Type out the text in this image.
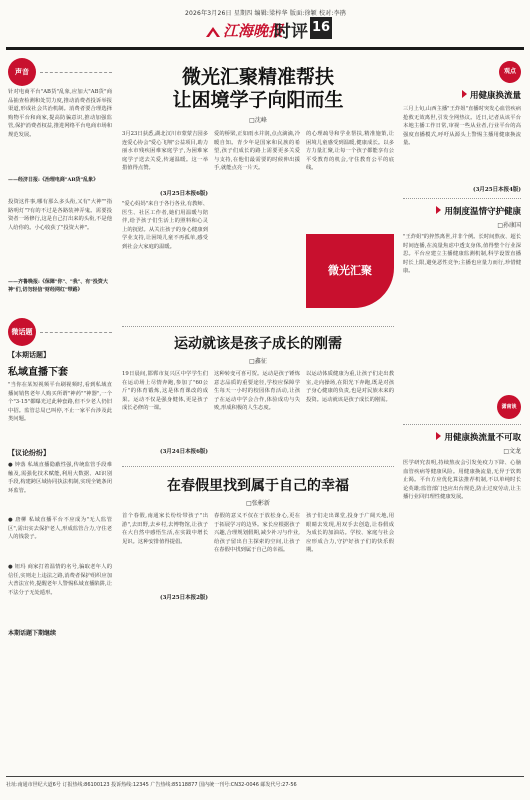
2026年3月26日 星期四 编辑:梁梓华 版面:徐颖 校对:李鹃
江海晚报
时评 16
声音
针对电商平台"AB货"乱象,应加大"AB货"商品抽查检测和处罚力度,推动消费者投诉举报渠道,形成社会共治机制。消费者要合理选择购物平台和商家,提高防骗意识,推动加强监管,保护消费者权益,推进网络平台电商市场和规范发展。
——经济日报:《治理电商"AB货"乱象》
投资这件事,哪有那么多头衔,又有"大神""指路明灯"?有的不过是各路装神弄鬼。需要投资者一场修行,这是自己打出来的头衔,不是他人给你的。小心收获了"投资大神"。
——齐鲁晚报:《保障"你"、"我"、有"投资大神"们,切勿轻信"财经网红"带路》
微话题
【本期话题】
私域直播下套
"当你在某短视频平台刷视频时,看到私域直播间销售老年人购买所谓"神药""神器",一个个"3·15"都曝光过此种套路,但不少老人仍旧中招。监管总局已叫停,不止一家平台涉及此类问题。
【议论纷纷】
● 钟落 私域直播隐蔽性强,传统监管手段难触及,需强化技术赋能,利用大数据、AI识别手段,构建跨区域协同执法机制,实现全链条闭环监管。
● 唐柳 私域直播平台不应成为"无人监管区",需出实去保护老人,形成监管合力,守住老人的钱袋子。
● 钮玛 商家打着温情的名号,骗取老年人的信任,实则走上违法之路,消费者保护组织应加大普法宣传,提醒老年人警惕私域直播陷阱,让不法分子无处遁形。
本期话题下期继续
微光汇聚精准帮扶
让困境学子向阳而生
□沈峰
3月23日获悉,湖北汉川市蒙蒙吉园多连爱心协会"爱心飞翔"公益项目,助力丽水市残疾困难家庭学子,为困难家庭学子送去关爱,传递温暖。这一举措值得点赞。
(3月25日本报6版)
"爱心妈妈"来自于各行各业,有教师、医生、社区工作者,她们用温暖与陪伴,给予孩子们生活上的照料和心灵上的抚慰。从关注孩子的身心健康到学业支持,让困境儿童不再孤单,感受到社会大家庭的温暖。
爱的桥梁,正如雨水并润,点点滴滴,冷暖自知。青少年是国家和民族的希望,孩子们成长的路上需要更多关爱与支持,在他们最需要的时候伸出援手,就能点亮一片天。
的心理疏导和学业帮扶,精准施策,让困境儿童感受到温暖,健康成长。以多方力量汇聚,让每一个孩子都能享有公平受教育的机会,守住教育公平的底线。
微光汇聚
运动就该是孩子成长的刚需
□鑫征
19日晨间,邯郸市复兴区中学学生们在运动场上尽情奔跑,参加了"60公斤"的体育锻炼,这是体育课改的成果。运动不仅是强身健体,更是孩子成长必修的一课。
(3月24日本报6版)
这种转变可喜可贺。运动是孩子锤炼意志品质的重要途径,学校应保障学生每天一小时的校园体育活动,让孩子在运动中学会合作,体验成功与失败,形成积极的人生态度。
以运动体质健康为重,让孩子们走出教室,走向操场,在阳光下奔跑,既是对孩子身心健康的负责,也是对民族未来的投资。运动就该是孩子成长的刚需。
在春假里找到属于自己的幸福
□张彬新
首个春假,南通家长纷纷带孩子"出游",去田野,去乡村,去博物馆,让孩子在大自然中感悟生活,在实践中增长见识。这种安排值得提倡。
(3月25日本报2版)
春假的意义不仅在于放松身心,更在于拓展学习的边界。家长应根据孩子兴趣,合理规划假期,减少补习与作业,给孩子留出自主探索的空间,让孩子在春假中找到属于自己的幸福。
孩子们走出课堂,投身于广阔天地,用眼睛去发现,用双手去创造,让春假成为成长的加油站。学校、家庭与社会应形成合力,守护好孩子们的快乐假期。
观点
用健康换流量
三月上旬,山西主播"王炸姐"直播时突发心血管疾病抢救无效离世,引发全网热议。近日,记者从该平台本地主播工作日常,审视一些从业者,行业平台的高强度直播模式,呼吁从源头上警惕主播用健康换流量。
(3月25日本报4版)
用制度温情守护健康
□孙康国
"王炸姐"的猝然离世,并非个例。长时间熬夜、超长时间连播,在流量焦虑中透支身体,值得整个行业深思。平台应建立主播健康监测机制,科学设置直播时长上限,避免恶性竞争;主播也应量力而行,珍惜健康。
潇南谈
用健康换流量不可取
□文龙
医学研究表明,持续熬夜会引发免疫力下降、心脑血管疾病等健康风险。用健康换流量,无异于饮鸩止渴。平台方应优化算法推荐机制,不以单纯时长论英雄;监管部门也应出台规范,防止过度劳动,让主播行业回归理性健康发展。
社址:南通市世纪大道6号 订报热线:86100123 投诉热线:12345 广告热线:85118877 国内统一刊号:CN32-0046 邮发代号:27-56
